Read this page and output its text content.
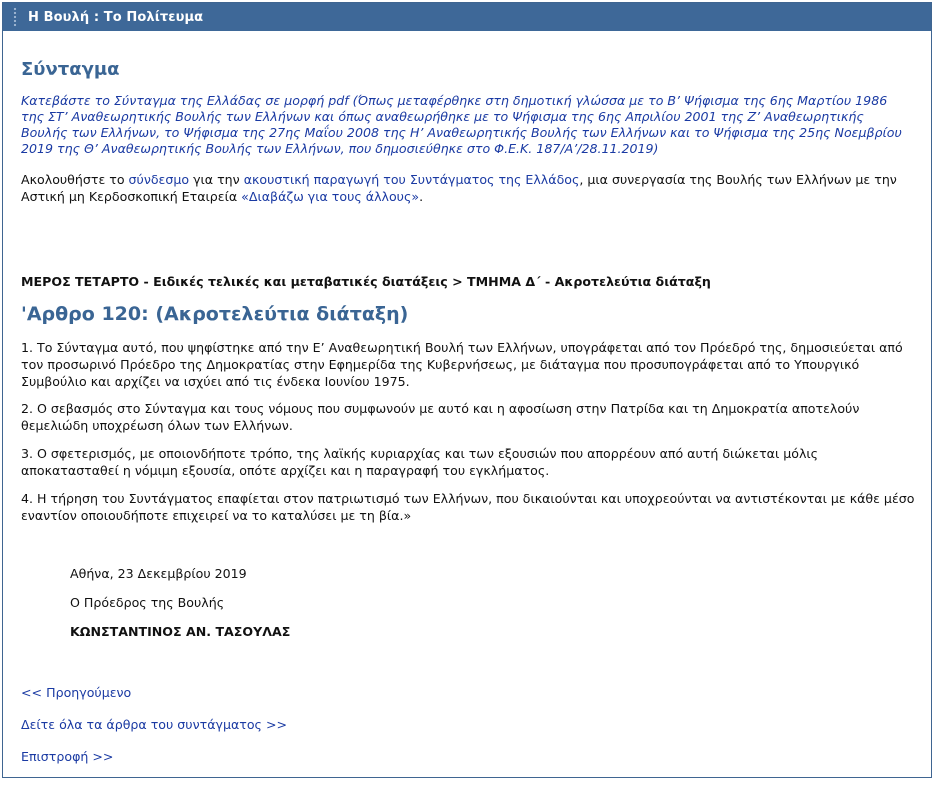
Η Βουλή : Το Πολίτευμα
Σύνταγμα

Κατεβάστε το Σύνταγμα της Ελλάδας σε μορφή pdf (Όπως μεταφέρθηκε στη δημοτική γλώσσα με το Β’ Ψήφισμα της 6ης Μαρτίου 1986 της ΣΤ’ Αναθεωρητικής Βουλής των Ελλήνων και όπως αναθεωρήθηκε με το Ψήφισμα της 6ης Απριλίου 2001 της Ζ’ Αναθεωρητικής Βουλής των Ελλήνων, το Ψήφισμα της 27ης Μαΐου 2008 της Η’ Αναθεωρητικής Βουλής των Ελλήνων και το Ψήφισμα της 25ης Νοεμβρίου 2019 της Θ’ Αναθεωρητικής Βουλής των Ελλήνων, που δημοσιεύθηκε στο Φ.Ε.Κ. 187/Α’/28.11.2019)

Ακολουθήστε το σύνδεσμο για την ακουστική παραγωγή του Συντάγματος της Ελλάδος, μια συνεργασία της Βουλής των Ελλήνων με την Αστική μη Κερδοσκοπική Εταιρεία «Διαβάζω για τους άλλους».

ΜΕΡΟΣ ΤΕΤΑΡΤΟ - Ειδικές τελικές και μεταβατικές διατάξεις > ΤΜΗΜΑ Δ΄ - Ακροτελεύτια διάταξη

'Αρθρο 120: (Ακροτελεύτια διάταξη)

1. Το Σύνταγμα αυτό, που ψηφίστηκε από την Ε’ Αναθεωρητική Βουλή των Ελλήνων, υπογράφεται από τον Πρόεδρό της, δημοσιεύεται από τον προσωρινό Πρόεδρο της Δημοκρατίας στην Εφημερίδα της Κυβερνήσεως, με διάταγμα που προσυπογράφεται από το Υπουργικό Συμβούλιο και αρχίζει να ισχύει από τις ένδεκα Ιουνίου 1975.

2. Ο σεβασμός στο Σύνταγμα και τους νόμους που συμφωνούν με αυτό και η αφοσίωση στην Πατρίδα και τη Δημοκρατία αποτελούν θεμελιώδη υποχρέωση όλων των Ελλήνων.

3. Ο σφετερισμός, με οποιονδήποτε τρόπο, της λαϊκής κυριαρχίας και των εξουσιών που απορρέουν από αυτή διώκεται μόλις αποκατασταθεί η νόμιμη εξουσία, οπότε αρχίζει και η παραγραφή του εγκλήματος.

4. Η τήρηση του Συντάγματος επαφίεται στον πατριωτισμό των Ελλήνων, που δικαιούνται και υποχρεούνται να αντιστέκονται με κάθε μέσο εναντίον οποιουδήποτε επιχειρεί να το καταλύσει με τη βία.»

Αθήνα, 23 Δεκεμβρίου 2019

Ο Πρόεδρος της Βουλής

ΚΩΝΣΤΑΝΤΙΝΟΣ ΑΝ. ΤΑΣΟΥΛΑΣ

<< Προηγούμενο
Δείτε όλα τα άρθρα του συντάγματος >>
Επιστροφή >>
